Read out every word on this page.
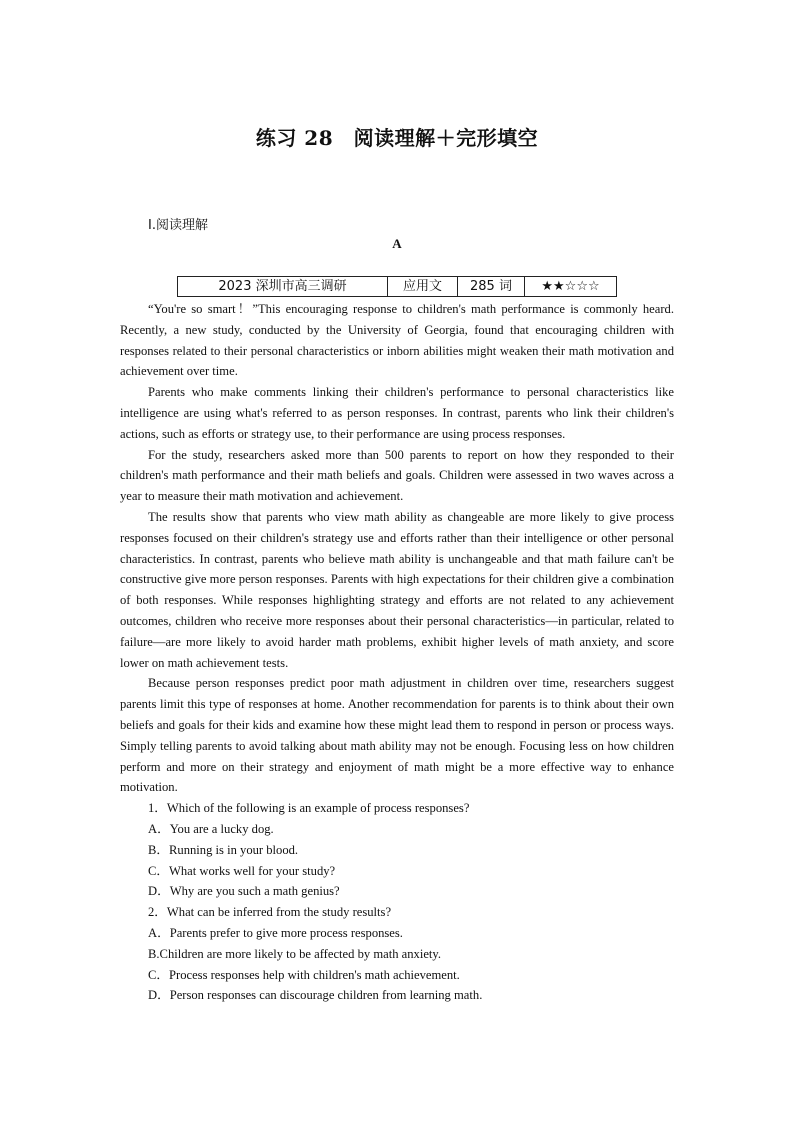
练习 28　阅读理解＋完形填空
Ⅰ.阅读理解
A
2023 深圳市高三调研	应用文	285 词	★★☆☆☆

“You're so smart！”This encouraging response to children's math performance is commonly heard. Recently, a new study, conducted by the University of Georgia, found that encouraging children with responses related to their personal characteristics or inborn abilities might weaken their math motivation and achievement over time.

Parents who make comments linking their children's performance to personal characteristics like intelligence are using what's referred to as person responses. In contrast, parents who link their children's actions, such as efforts or strategy use, to their performance are using process responses.

For the study, researchers asked more than 500 parents to report on how they responded to their children's math performance and their math beliefs and goals. Children were assessed in two waves across a year to measure their math motivation and achievement.

The results show that parents who view math ability as changeable are more likely to give process responses focused on their children's strategy use and efforts rather than their intelligence or other personal characteristics. In contrast, parents who believe math ability is unchangeable and that math failure can't be constructive give more person responses. Parents with high expectations for their children give a combination of both responses. While responses highlighting strategy and efforts are not related to any achievement outcomes, children who receive more responses about their personal characteristics—in particular, related to failure—are more likely to avoid harder math problems, exhibit higher levels of math anxiety, and score lower on math achievement tests.

Because person responses predict poor math adjustment in children over time, researchers suggest parents limit this type of responses at home. Another recommendation for parents is to think about their own beliefs and goals for their kids and examine how these might lead them to respond in person or process ways. Simply telling parents to avoid talking about math ability may not be enough. Focusing less on how children perform and more on their strategy and enjoyment of math might be a more effective way to enhance motivation.

1．Which of the following is an example of process responses?

A．You are a lucky dog.

B．Running is in your blood.

C．What works well for your study?

D．Why are you such a math genius?

2．What can be inferred from the study results?

A．Parents prefer to give more process responses.

B.Children are more likely to be affected by math anxiety.

C．Process responses help with children's math achievement.

D．Person responses can discourage children from learning math.
